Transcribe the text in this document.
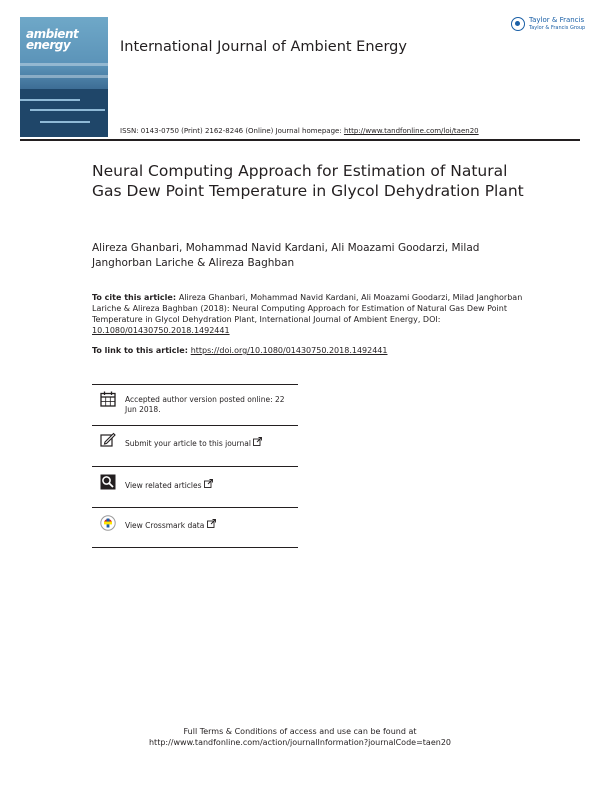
ambient energy	International Journal of Ambient Energy
ISSN: 0143-0750 (Print) 2162-8246 (Online) Journal homepage: http://www.tandfonline.com/loi/taen20
Taylor & Francis
Taylor & Francis Group
Neural Computing Approach for Estimation of Natural Gas Dew Point Temperature in Glycol Dehydration Plant
Alireza Ghanbari, Mohammad Navid Kardani, Ali Moazami Goodarzi, Milad Janghorban Lariche & Alireza Baghban
To cite this article: Alireza Ghanbari, Mohammad Navid Kardani, Ali Moazami Goodarzi, Milad Janghorban Lariche & Alireza Baghban (2018): Neural Computing Approach for Estimation of Natural Gas Dew Point Temperature in Glycol Dehydration Plant, International Journal of Ambient Energy, DOI: 10.1080/01430750.2018.1492441
To link to this article: https://doi.org/10.1080/01430750.2018.1492441
Accepted author version posted online: 22 Jun 2018.
Submit your article to this journal
View related articles
View Crossmark data
Full Terms & Conditions of access and use can be found at
http://www.tandfonline.com/action/journalInformation?journalCode=taen20
